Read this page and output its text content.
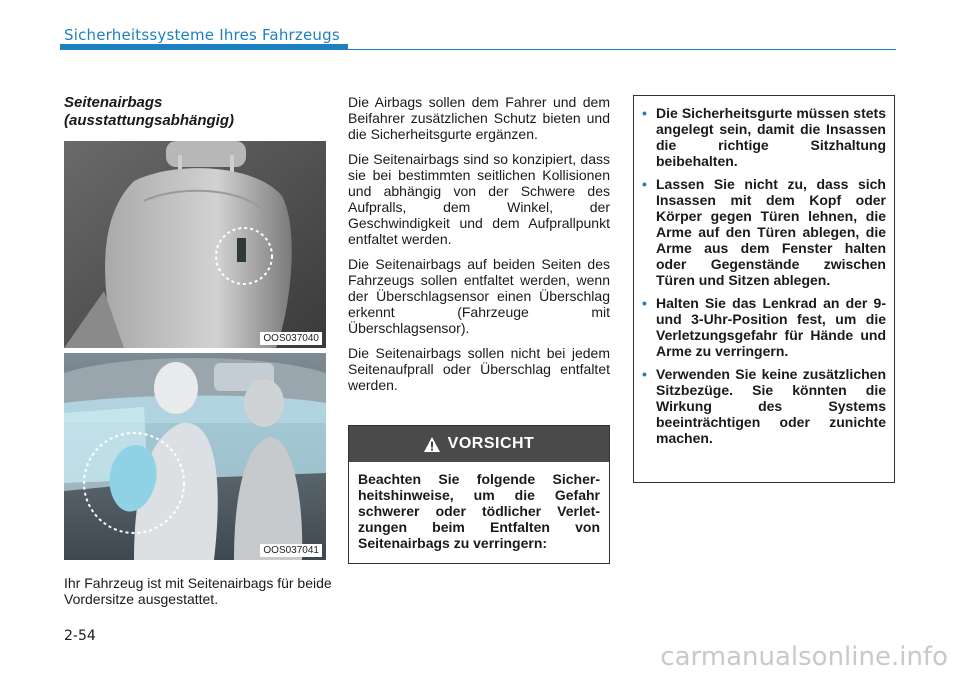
Sicherheitssysteme Ihres Fahrzeugs

Seitenairbags

(ausstattungsabhängig)

OOS037040
OOS037041

Ihr Fahrzeug ist mit Seitenairbags für beide Vordersitze ausgestattet.

Die Airbags sollen dem Fahrer und dem Beifahrer zusätzlichen Schutz bieten und die Sicherheitsgurte ergänzen.

Die Seitenairbags sind so konzipiert, dass sie bei bestimmten seitlichen Kollisionen und abhängig von der Schwere des Aufpralls, dem Winkel, der Geschwindigkeit und dem Aufprallpunkt entfaltet werden.

Die Seitenairbags auf beiden Seiten des Fahrzeugs sollen entfaltet werden, wenn der Überschlagsensor einen Überschlag erkennt (Fahrzeuge mit Überschlagsensor).

Die Seitenairbags sollen nicht bei jedem Seitenaufprall oder Überschlag entfaltet werden.

VORSICHT
Beachten Sie folgende Sicherheitshinweise, um die Gefahr schwerer oder tödlicher Verletzungen beim Entfalten von Seitenairbags zu verringern:
• Die Sicherheitsgurte müssen stets angelegt sein, damit die Insassen die richtige Sitzhaltung beibehalten.
• Lassen Sie nicht zu, dass sich Insassen mit dem Kopf oder Körper gegen Türen lehnen, die Arme auf den Türen ablegen, die Arme aus dem Fenster halten oder Gegenstände zwischen Türen und Sitzen ablegen.
• Halten Sie das Lenkrad an der 9- und 3-Uhr-Position fest, um die Verletzungsgefahr für Hände und Arme zu verringern.
• Verwenden Sie keine zusätzlichen Sitzbezüge. Sie könnten die Wirkung des Systems beeinträchtigen oder zunichte machen.
2-54
carmanualsonline.info
